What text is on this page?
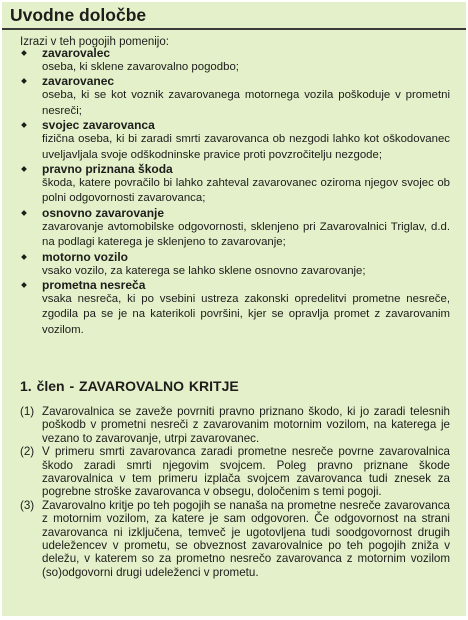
Uvodne določbe

Izrazi v teh pogojih pomenijo:

zavarovalec
oseba, ki sklene zavarovalno pogodbo;
zavarovanec
oseba, ki se kot voznik zavarovanega motornega vozila poškoduje v prometni nesreči;
svojec zavarovanca
fizična oseba, ki bi zaradi smrti zavarovanca ob nezgodi lahko kot oškodovanec uveljavljala svoje odškodninske pravice proti povzročitelju nezgode;
pravno priznana škoda
škoda, katere povračilo bi lahko zahteval zavarovanec oziroma njegov svojec ob polni odgovornosti zavarovanca;
osnovno zavarovanje
zavarovanje avtomobilske odgovornosti, sklenjeno pri Zavarovalnici Triglav, d.d. na podlagi katerega je sklenjeno to zavarovanje;
motorno vozilo
vsako vozilo, za katerega se lahko sklene osnovno zavarovanje;
prometna nesreča
vsaka nesreča, ki po vsebini ustreza zakonski opredelitvi prometne nesreče, zgodila pa se je na katerikoli površini, kjer se opravlja promet z zavarovanim vozilom.
1. člen - ZAVAROVALNO KRITJE
(1) Zavarovalnica se zaveže povrniti pravno priznano škodo, ki jo zaradi telesnih poškodb v prometni nesreči z zavarovanim motornim vozilom, na katerega je vezano to zavarovanje, utrpi zavarovanec.
(2) V primeru smrti zavarovanca zaradi prometne nesreče povrne zavarovalnica škodo zaradi smrti njegovim svojcem. Poleg pravno priznane škode zavarovalnica v tem primeru izplača svojcem zavarovanca tudi znesek za pogrebne stroške zavarovanca v obsegu, določenim s temi pogoji.
(3) Zavarovalno kritje po teh pogojih se nanaša na prometne nesreče zavarovanca z motornim vozilom, za katere je sam odgovoren. Če odgovornost na strani zavarovanca ni izključena, temveč je ugotovljena tudi soodgovornost drugih udeležencev v prometu, se obveznost zavarovalnice po teh pogojih zniža v deležu, v katerem so za prometno nesrečo zavarovanca z motornim vozilom (so)odgovorni drugi udeleženci v prometu.
